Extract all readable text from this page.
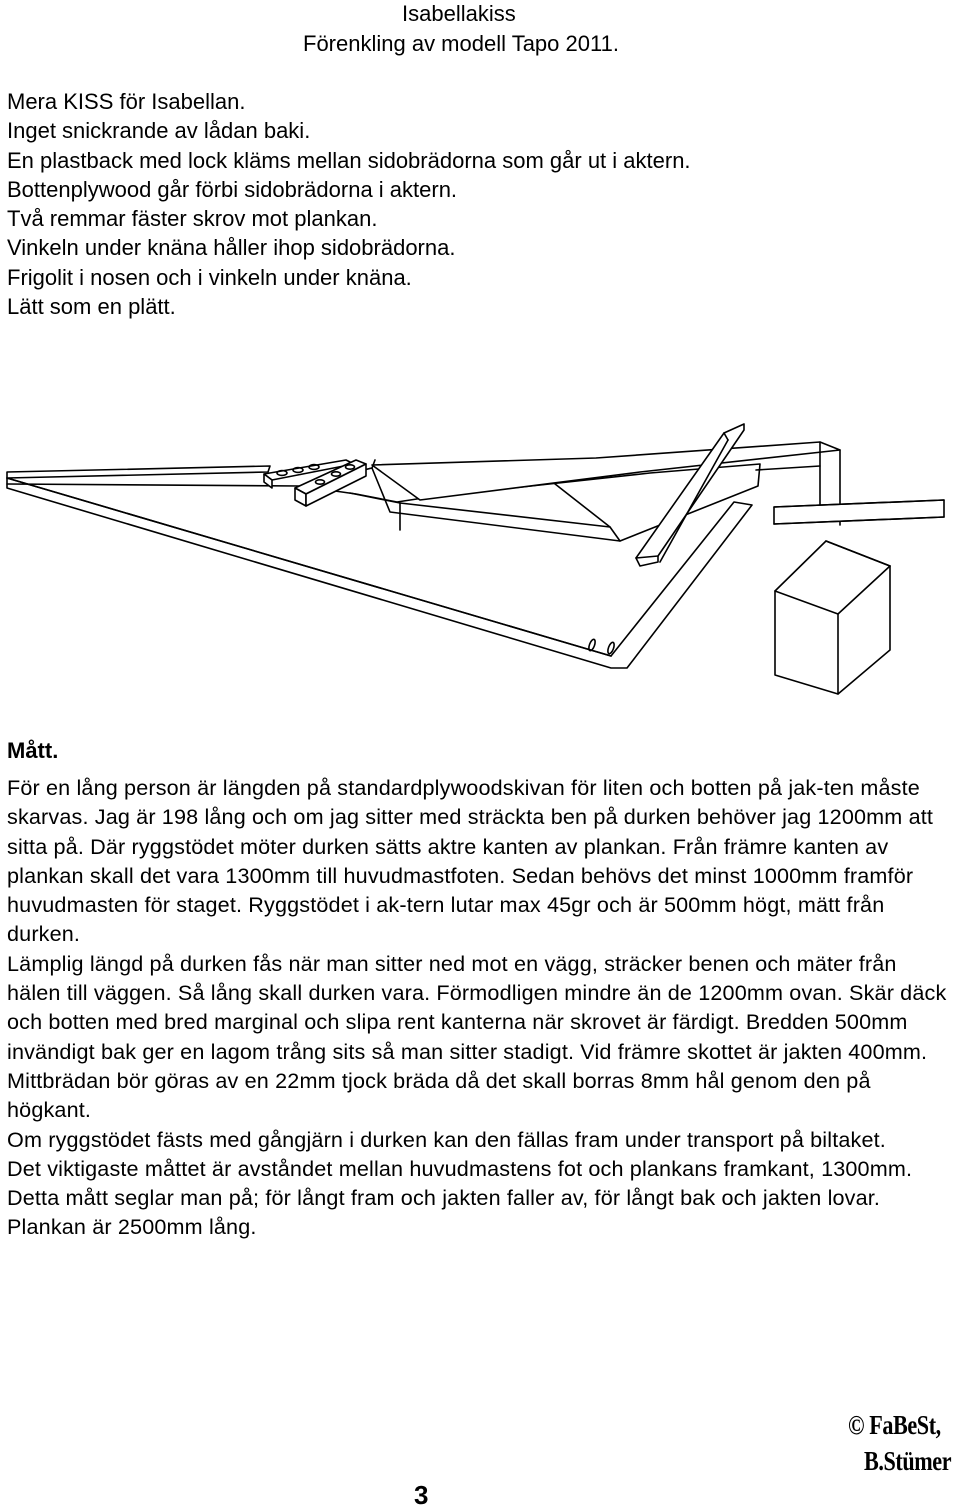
Isabellakiss
Förenkling av modell Tapo 2011.
Mera KISS för Isabellan.
Inget snickrande av lådan baki.
En plastback med lock kläms mellan sidobrädorna som går ut i aktern.
Bottenplywood går förbi sidobrädorna i aktern.
Två remmar fäster skrov mot plankan.
Vinkeln under knäna håller ihop sidobrädorna.
Frigolit i nosen och i vinkeln under knäna.
Lätt som en plätt.
Mått.

För en lång person är längden på standardplywoodskivan för liten och botten på jak-ten måste skarvas. Jag är 198 lång och om jag sitter med sträckta ben på durken behöver jag 1200mm att sitta på. Där ryggstödet möter durken sätts aktre kanten av plankan. Från främre kanten av plankan skall det vara 1300mm till huvudmastfoten. Sedan behövs det minst 1000mm framför huvudmasten för staget. Ryggstödet i ak-tern lutar max 45gr och är 500mm högt, mätt från durken.

Lämplig längd på durken fås när man sitter ned mot en vägg, sträcker benen och mäter från hälen till väggen. Så lång skall durken vara. Förmodligen mindre än de 1200mm ovan. Skär däck och botten med bred marginal och slipa rent kanterna när skrovet är färdigt. Bredden 500mm invändigt bak ger en lagom trång sits så man sitter stadigt. Vid främre skottet är jakten 400mm.

Mittbrädan bör göras av en 22mm tjock bräda då det skall borras 8mm hål genom den på högkant.

Om ryggstödet fästs med gångjärn i durken kan den fällas fram under transport på biltaket.

Det viktigaste måttet är avståndet mellan huvudmastens fot och plankans framkant, 1300mm. Detta mått seglar man på; för långt fram och jakten faller av, för långt bak och jakten lovar. Plankan är 2500mm lång.

© FaBeSt,
B.Stümer
3
